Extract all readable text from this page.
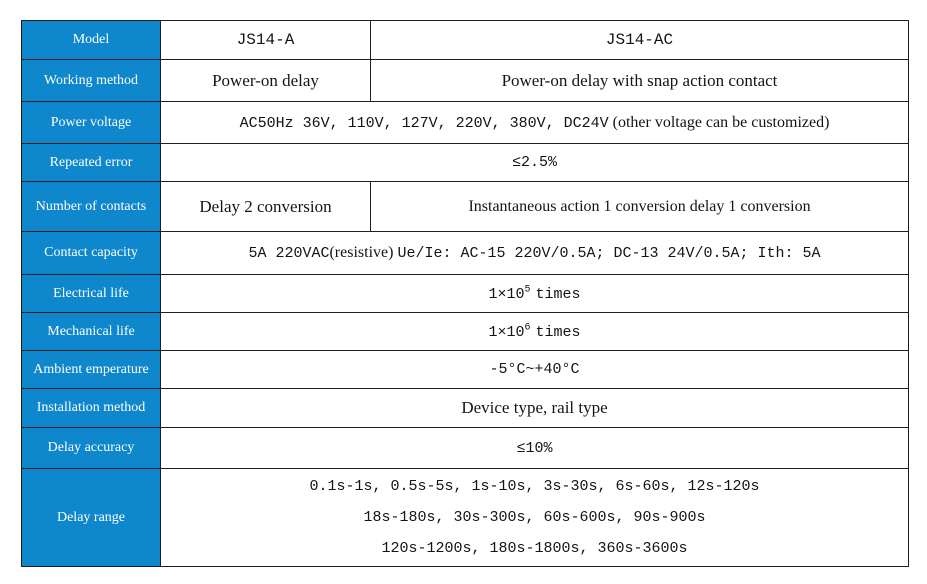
Model	JS14-A	JS14-AC
Working method	Power-on delay	Power-on delay with snap action contact
Power voltage	AC50Hz 36V, 110V, 127V, 220V, 380V, DC24V (other voltage can be customized)	
Repeated error	≤2.5%	
Number of contacts	Delay 2 conversion	Instantaneous action 1 conversion delay 1 conversion
Contact capacity	5A 220VAC(resistive) Ue/Ie: AC-15 220V/0.5A; DC-13 24V/0.5A; Ith: 5A	
Electrical life	$1\times 10^5$ times	
Mechanical life	$1\times 10^6$ times	
Ambient emperature	-5°C~+40°C	
Installation method	Device type, rail type	
Delay accuracy	≤10%	
Delay range	0.1s-1s, 0.5s-5s, 1s-10s, 3s-30s, 6s-60s, 12s-120s
18s-180s, 30s-300s, 60s-600s, 90s-900s
120s-1200s, 180s-1800s, 360s-3600s	
